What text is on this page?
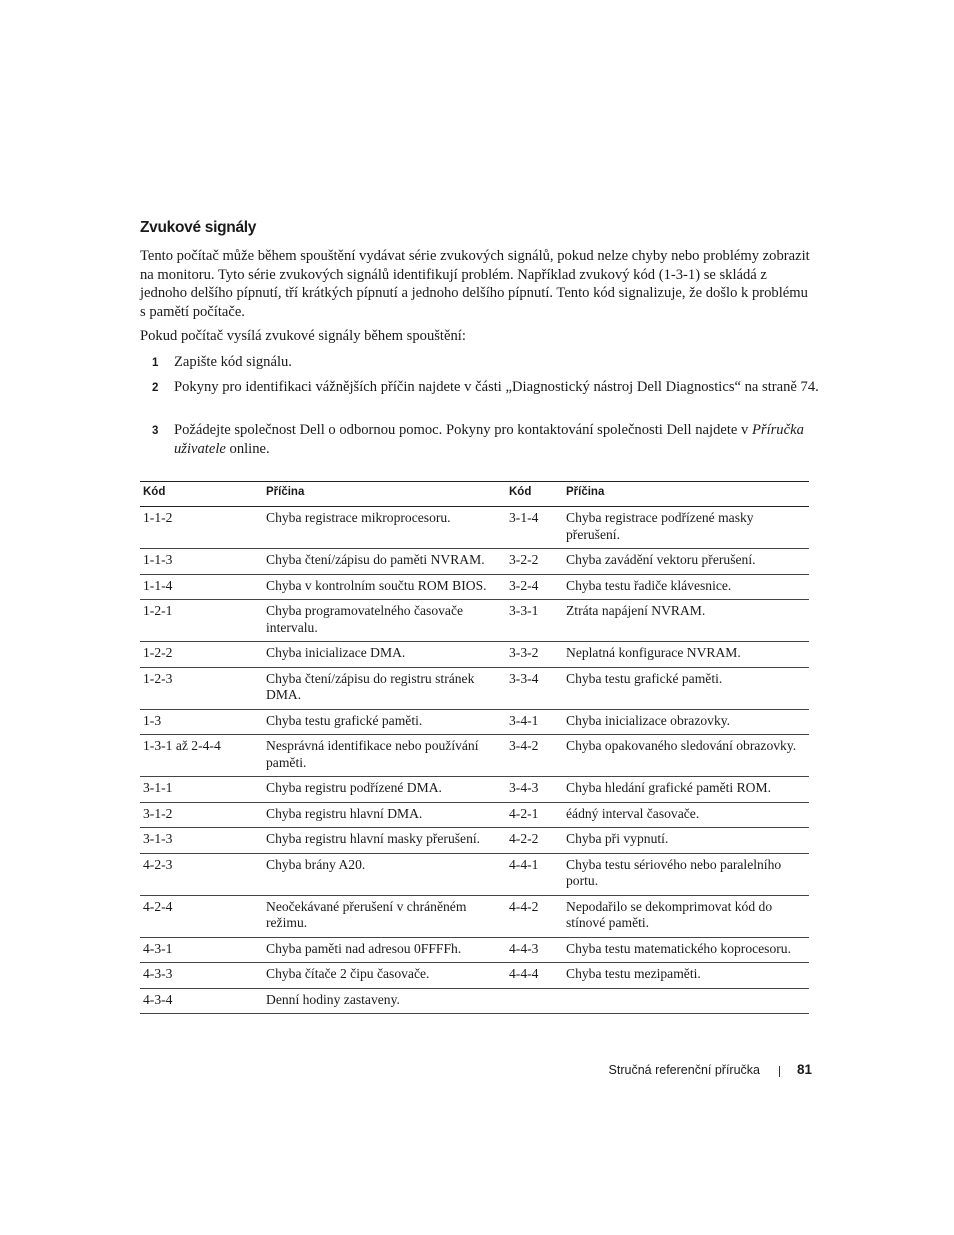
Zvukové signály

Tento počítač může během spouštění vydávat série zvukových signálů, pokud nelze chyby nebo problémy zobrazit na monitoru. Tyto série zvukových signálů identifikují problém. Například zvukový kód (1-3-1) se skládá z jednoho delšího pípnutí, tří krátkých pípnutí a jednoho delšího pípnutí. Tento kód signalizuje, že došlo k problému s pamětí počítače.

Pokud počítač vysílá zvukové signály během spouštění:

1 Zapište kód signálu.
2 Pokyny pro identifikaci vážnějších příčin najdete v části „Diagnostický nástroj Dell Diagnostics“ na straně 74.
3 Požádejte společnost Dell o odbornou pomoc. Pokyny pro kontaktování společnosti Dell najdete v Příručka uživatele online.
Kód	Příčina	Kód	Příčina
1-1-2	Chyba registrace mikroprocesoru.	3-1-4	Chyba registrace podřízené masky přerušení.
1-1-3	Chyba čtení/zápisu do paměti NVRAM.	3-2-2	Chyba zavádění vektoru přerušení.
1-1-4	Chyba v kontrolním součtu ROM BIOS.	3-2-4	Chyba testu řadiče klávesnice.
1-2-1	Chyba programovatelného časovače intervalu.	3-3-1	Ztráta napájení NVRAM.
1-2-2	Chyba inicializace DMA.	3-3-2	Neplatná konfigurace NVRAM.
1-2-3	Chyba čtení/zápisu do registru stránek DMA.	3-3-4	Chyba testu grafické paměti.
1-3	Chyba testu grafické paměti.	3-4-1	Chyba inicializace obrazovky.
1-3-1 až 2-4-4	Nesprávná identifikace nebo používání paměti.	3-4-2	Chyba opakovaného sledování obrazovky.
3-1-1	Chyba registru podřízené DMA.	3-4-3	Chyba hledání grafické paměti ROM.
3-1-2	Chyba registru hlavní DMA.	4-2-1	éádný interval časovače.
3-1-3	Chyba registru hlavní masky přerušení.	4-2-2	Chyba při vypnutí.
4-2-3	Chyba brány A20.	4-4-1	Chyba testu sériového nebo paralelního portu.
4-2-4	Neočekávané přerušení v chráněném režimu.	4-4-2	Nepodařilo se dekomprimovat kód do stínové paměti.
4-3-1	Chyba paměti nad adresou 0FFFFh.	4-4-3	Chyba testu matematického koprocesoru.
4-3-3	Chyba čítače 2 čipu časovače.	4-4-4	Chyba testu mezipaměti.
4-3-4	Denní hodiny zastaveny.		
Stručná referenční příručka	81
